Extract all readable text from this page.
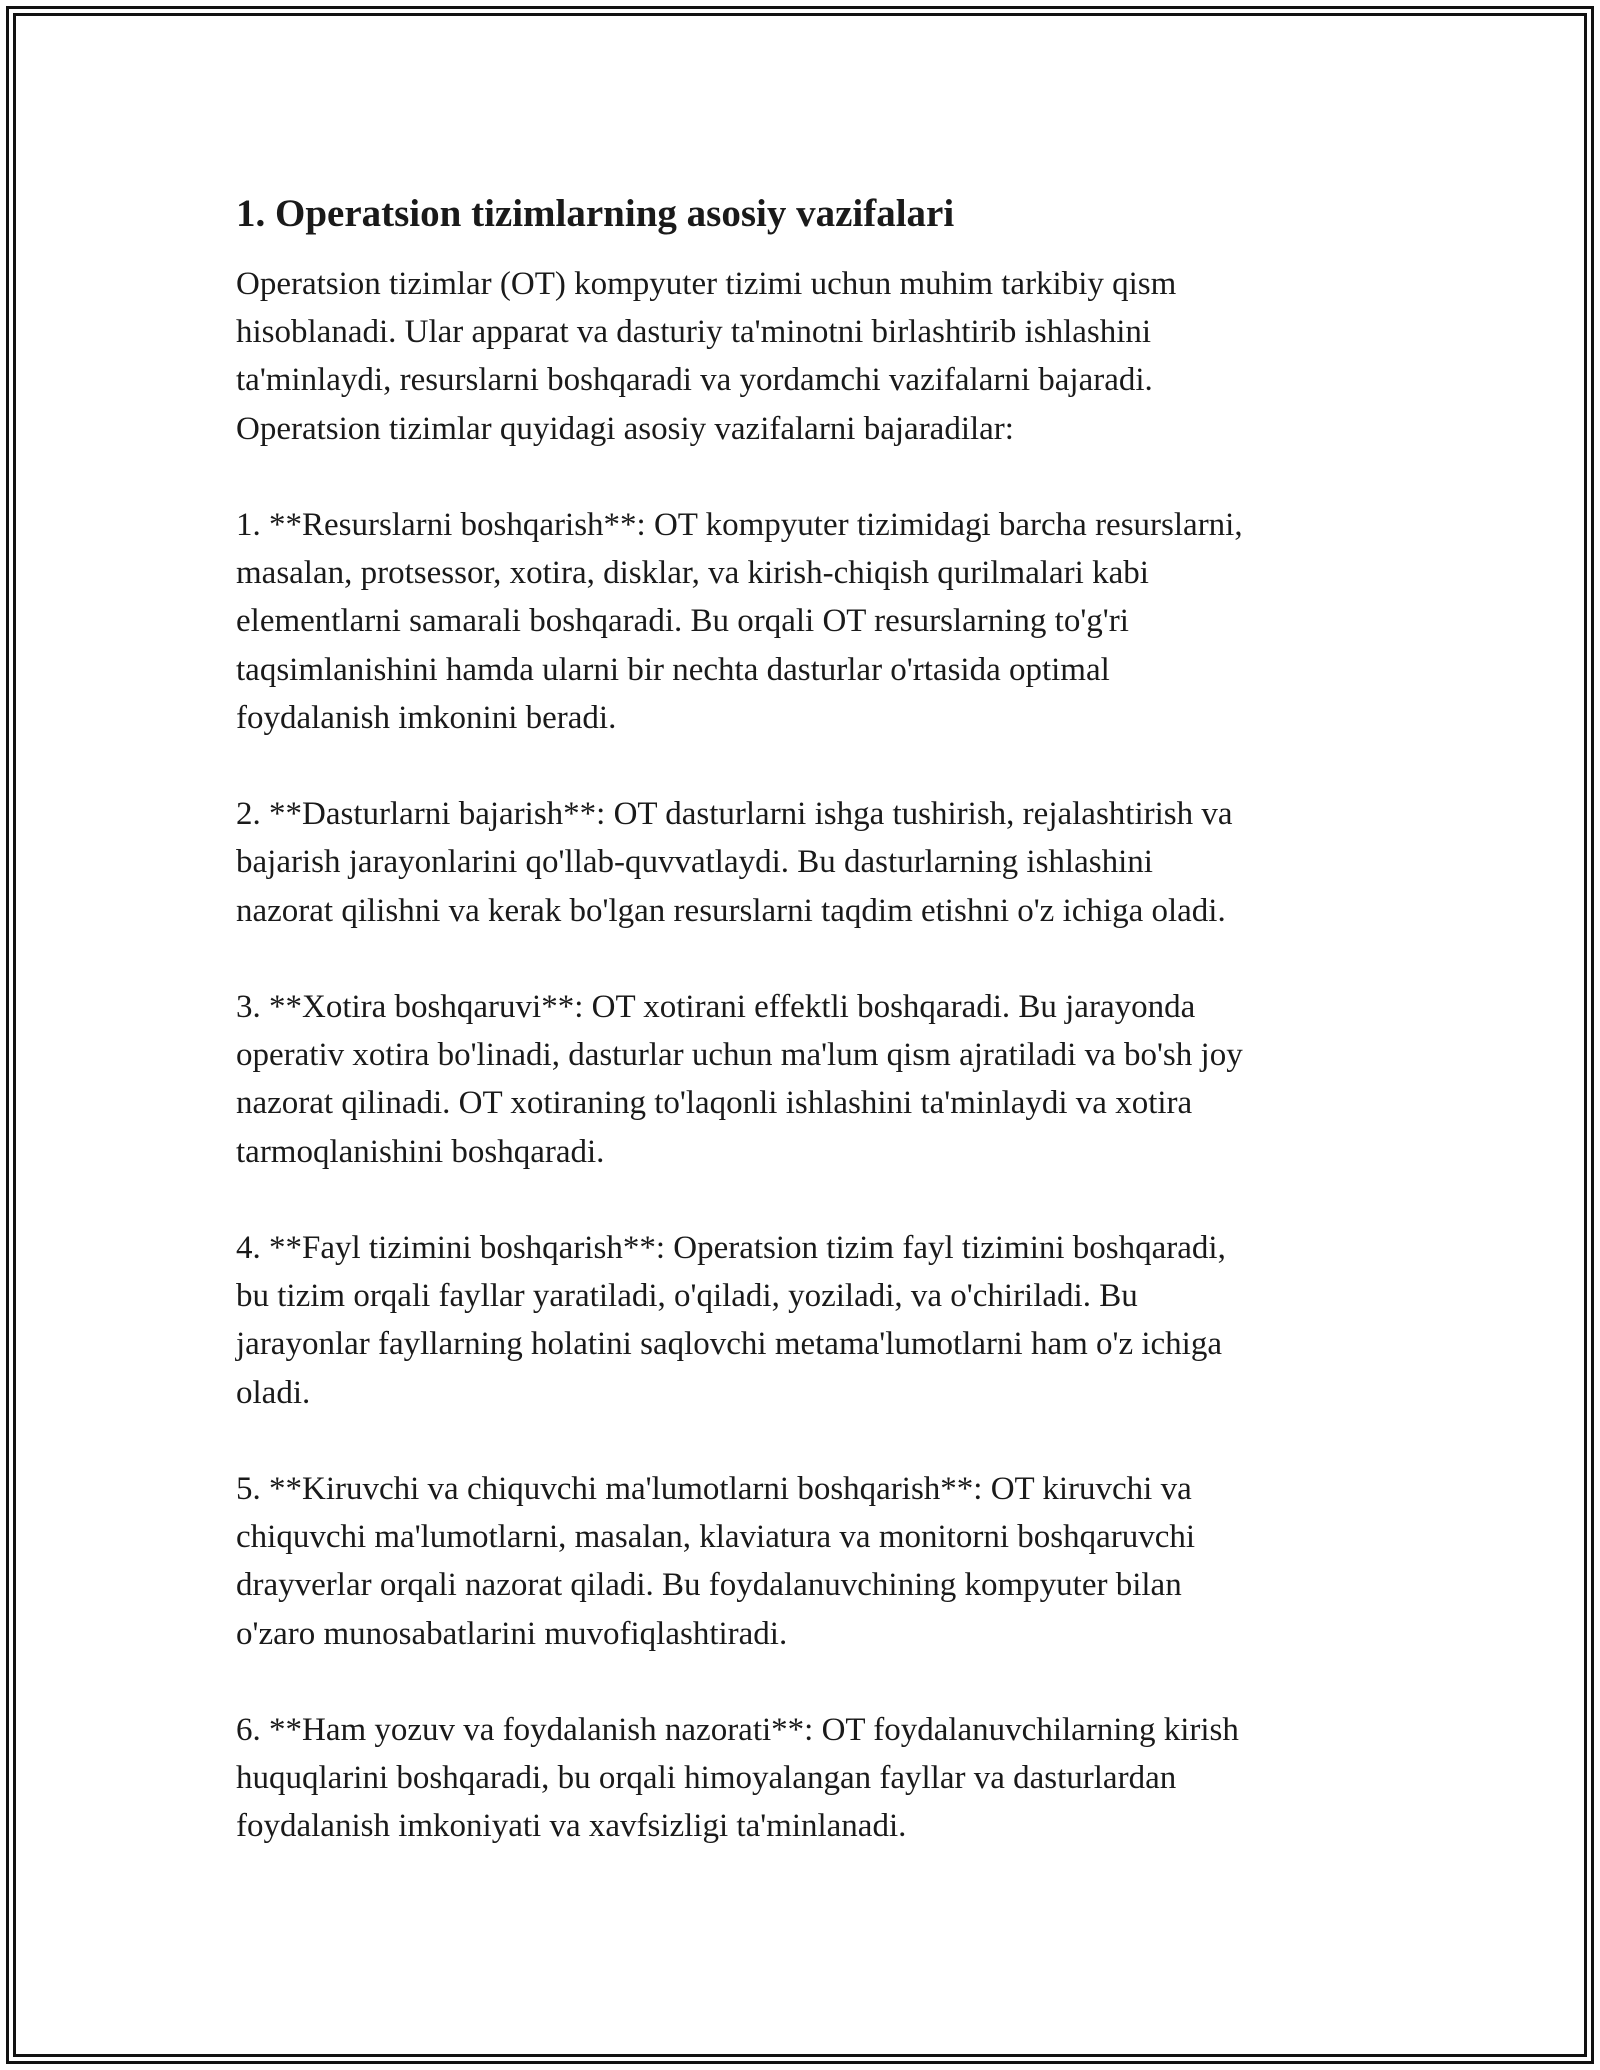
1. Operatsion tizimlarning asosiy vazifalari

Operatsion tizimlar (OT) kompyuter tizimi uchun muhim tarkibiy qism
hisoblanadi. Ular apparat va dasturiy ta'minotni birlashtirib ishlashini
ta'minlaydi, resurslarni boshqaradi va yordamchi vazifalarni bajaradi.
Operatsion tizimlar quyidagi asosiy vazifalarni bajaradilar:

1. **Resurslarni boshqarish**: OT kompyuter tizimidagi barcha resurslarni,
masalan, protsessor, xotira, disklar, va kirish-chiqish qurilmalari kabi
elementlarni samarali boshqaradi. Bu orqali OT resurslarning to'g'ri
taqsimlanishini hamda ularni bir nechta dasturlar o'rtasida optimal
foydalanish imkonini beradi.

2. **Dasturlarni bajarish**: OT dasturlarni ishga tushirish, rejalashtirish va
bajarish jarayonlarini qo'llab-quvvatlaydi. Bu dasturlarning ishlashini
nazorat qilishni va kerak bo'lgan resurslarni taqdim etishni o'z ichiga oladi.

3. **Xotira boshqaruvi**: OT xotirani effektli boshqaradi. Bu jarayonda
operativ xotira bo'linadi, dasturlar uchun ma'lum qism ajratiladi va bo'sh joy
nazorat qilinadi. OT xotiraning to'laqonli ishlashini ta'minlaydi va xotira
tarmoqlanishini boshqaradi.

4. **Fayl tizimini boshqarish**: Operatsion tizim fayl tizimini boshqaradi,
bu tizim orqali fayllar yaratiladi, o'qiladi, yoziladi, va o'chiriladi. Bu
jarayonlar fayllarning holatini saqlovchi metama'lumotlarni ham o'z ichiga
oladi.

5. **Kiruvchi va chiquvchi ma'lumotlarni boshqarish**: OT kiruvchi va
chiquvchi ma'lumotlarni, masalan, klaviatura va monitorni boshqaruvchi
drayverlar orqali nazorat qiladi. Bu foydalanuvchining kompyuter bilan
o'zaro munosabatlarini muvofiqlashtiradi.

6. **Ham yozuv va foydalanish nazorati**: OT foydalanuvchilarning kirish
huquqlarini boshqaradi, bu orqali himoyalangan fayllar va dasturlardan
foydalanish imkoniyati va xavfsizligi ta'minlanadi.
